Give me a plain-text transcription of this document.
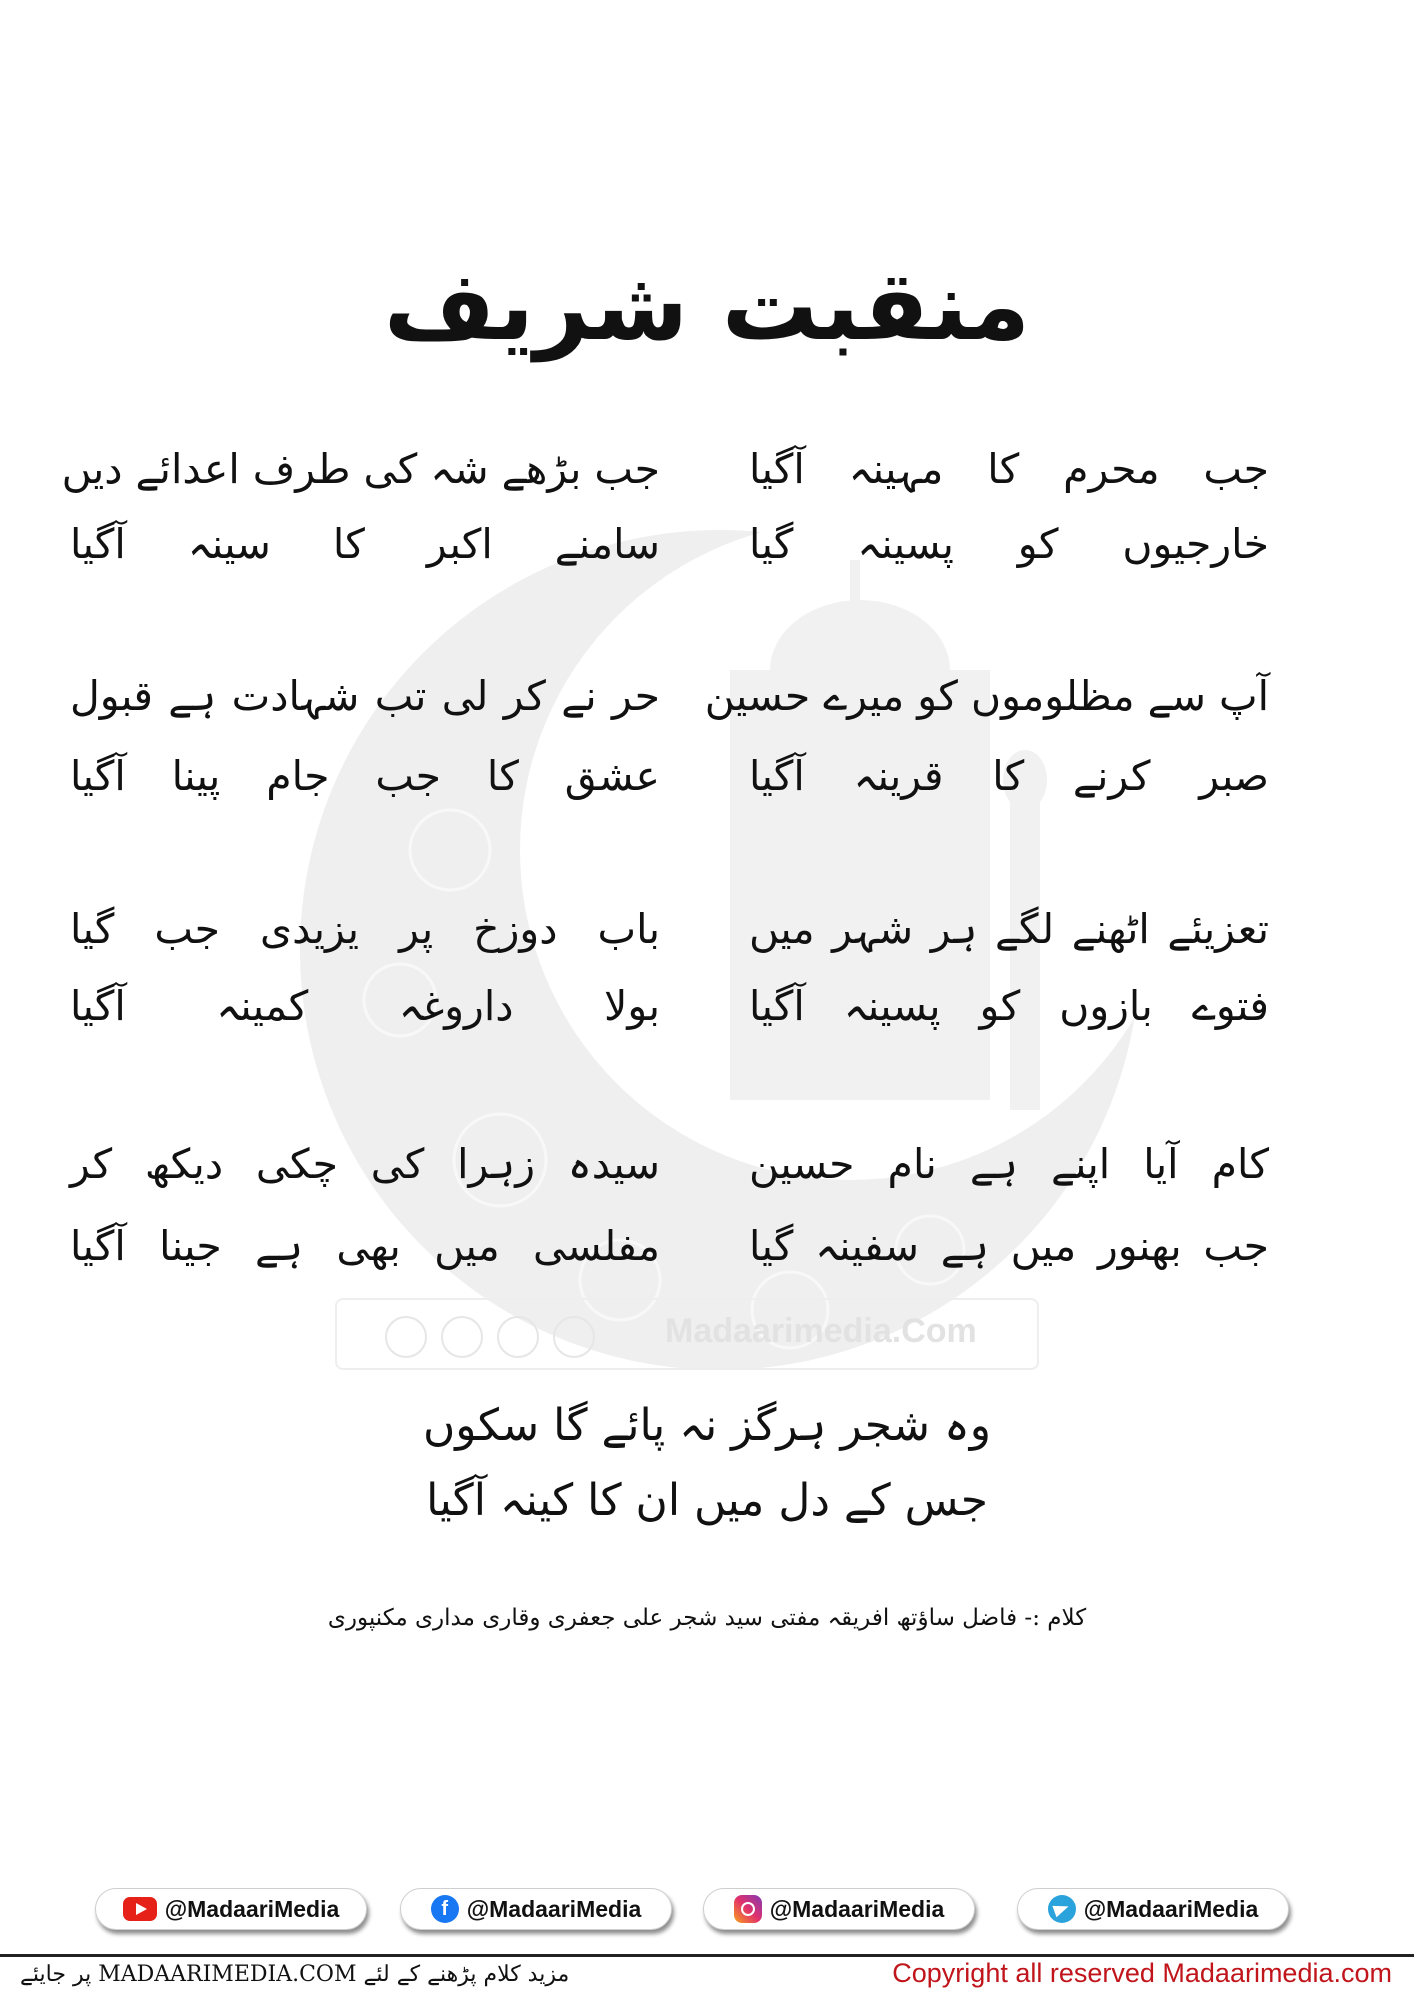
Madaarimedia.Com
منقبت شریف
جب محرم کا مہینہ آگیا
خارجیوں کو پسینہ گیا
جب بڑھے شہ کی طرف اعدائے دیں
سامنے اکبر کا سینہ آگیا
آپ سے مظلوموں کو میرے حسین
صبر کرنے کا قرینہ آگیا
حر نے کر لی تب شہادت ہے قبول
عشق کا جب جام پینا آگیا
تعزیئے اٹھنے لگے ہر شہر میں
فتوے بازوں کو پسینہ آگیا
باب دوزخ پر یزیدی جب گیا
بولا داروغہ کمینہ آگیا
کام آیا اپنے ہے نام حسین
جب بھنور میں ہے سفینہ گیا
سیدہ زہرا کی چکی دیکھ کر
مفلسی میں بھی ہے جینا آگیا
وہ شجر ہرگز نہ پائے گا سکوں
جس کے دل میں ان کا کینہ آگیا
کلام :- فاضل ساؤتھ افریقہ مفتی سید شجر علی جعفری وقاری مداری مکنپوری
@MadaariMedia	f @MadaariMedia	@MadaariMedia	@MadaariMedia
مزید کلام پڑھنے کے لئے MADAARIMEDIA.COM پر جایئے	Copyright all reserved Madaarimedia.com
